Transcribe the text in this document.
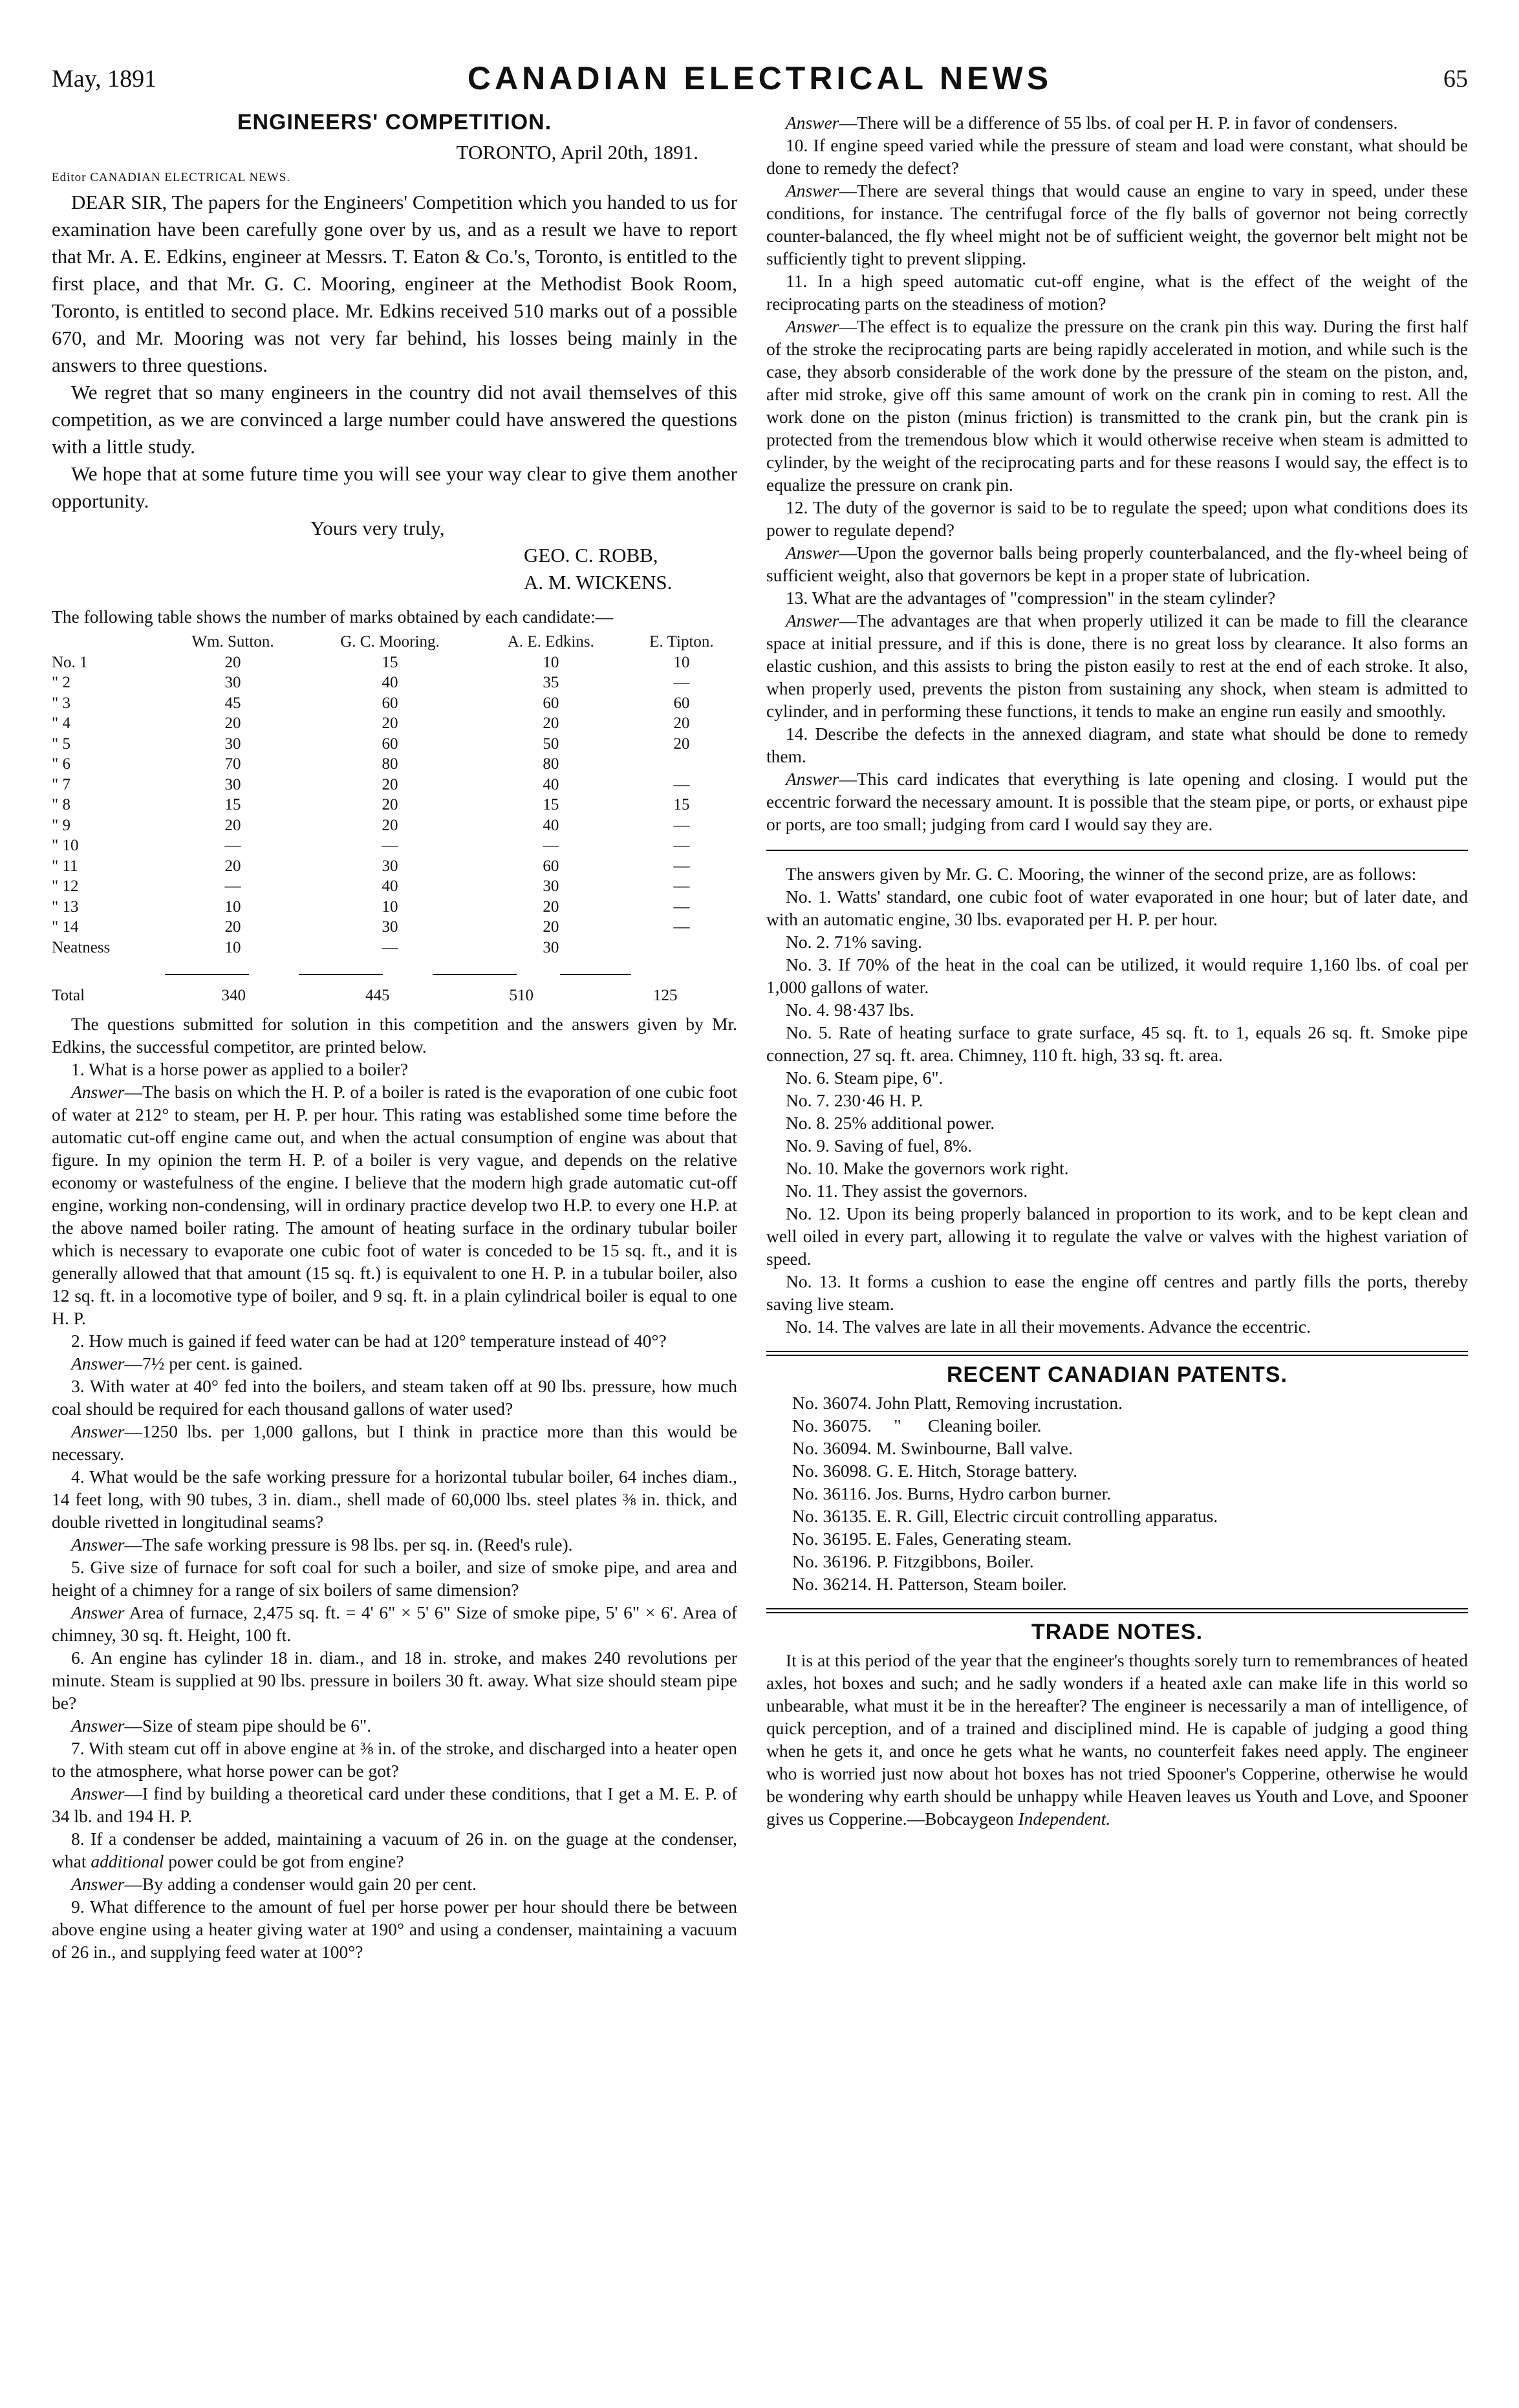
May, 1891	CANADIAN ELECTRICAL NEWS	65
ENGINEERS' COMPETITION.

TORONTO, April 20th, 1891.

Editor CANADIAN ELECTRICAL NEWS.

DEAR SIR, The papers for the Engineers' Competition which you handed to us for examination have been carefully gone over by us, and as a result we have to report that Mr. A. E. Edkins, engineer at Messrs. T. Eaton & Co.'s, Toronto, is entitled to the first place, and that Mr. G. C. Mooring, engineer at the Methodist Book Room, Toronto, is entitled to second place. Mr. Edkins received 510 marks out of a possible 670, and Mr. Mooring was not very far behind, his losses being mainly in the answers to three questions.

We regret that so many engineers in the country did not avail themselves of this competition, as we are convinced a large number could have answered the questions with a little study.

We hope that at some future time you will see your way clear to give them another opportunity.

Yours very truly,

GEO. C. ROBB,

A. M. WICKENS.

The following table shows the number of marks obtained by each candidate:—

	Wm. Sutton.	G. C. Mooring.	A. E. Edkins.	E. Tipton.
No. 1	20	15	10	10
" 2	30	40	35	—
" 3	45	60	60	60
" 4	20	20	20	20
" 5	30	60	50	20
" 6	70	80	80	
" 7	30	20	40	—
" 8	15	20	15	15
" 9	20	20	40	—
" 10	—	—	—	—
" 11	20	30	60	—
" 12	—	40	30	—
" 13	10	10	20	—
" 14	20	30	20	—
Neatness	10	—	30	

Total	340	445	510	125

The questions submitted for solution in this competition and the answers given by Mr. Edkins, the successful competitor, are printed below.

1. What is a horse power as applied to a boiler?

Answer—The basis on which the H. P. of a boiler is rated is the evaporation of one cubic foot of water at 212° to steam, per H. P. per hour. This rating was established some time before the automatic cut-off engine came out, and when the actual consumption of engine was about that figure. In my opinion the term H. P. of a boiler is very vague, and depends on the relative economy or wastefulness of the engine. I believe that the modern high grade automatic cut-off engine, working non-condensing, will in ordinary practice develop two H.P. to every one H.P. at the above named boiler rating. The amount of heating surface in the ordinary tubular boiler which is necessary to evaporate one cubic foot of water is conceded to be 15 sq. ft., and it is generally allowed that that amount (15 sq. ft.) is equivalent to one H. P. in a tubular boiler, also 12 sq. ft. in a locomotive type of boiler, and 9 sq. ft. in a plain cylindrical boiler is equal to one H. P.

2. How much is gained if feed water can be had at 120° temperature instead of 40°?

Answer—7½ per cent. is gained.

3. With water at 40° fed into the boilers, and steam taken off at 90 lbs. pressure, how much coal should be required for each thousand gallons of water used?

Answer—1250 lbs. per 1,000 gallons, but I think in practice more than this would be necessary.

4. What would be the safe working pressure for a horizontal tubular boiler, 64 inches diam., 14 feet long, with 90 tubes, 3 in. diam., shell made of 60,000 lbs. steel plates ⅜ in. thick, and double rivetted in longitudinal seams?

Answer—The safe working pressure is 98 lbs. per sq. in. (Reed's rule).

5. Give size of furnace for soft coal for such a boiler, and size of smoke pipe, and area and height of a chimney for a range of six boilers of same dimension?

Answer Area of furnace, 2,475 sq. ft. = 4' 6" × 5' 6" Size of smoke pipe, 5' 6" × 6'. Area of chimney, 30 sq. ft. Height, 100 ft.

6. An engine has cylinder 18 in. diam., and 18 in. stroke, and makes 240 revolutions per minute. Steam is supplied at 90 lbs. pressure in boilers 30 ft. away. What size should steam pipe be?

Answer—Size of steam pipe should be 6".

7. With steam cut off in above engine at ⅜ in. of the stroke, and discharged into a heater open to the atmosphere, what horse power can be got?

Answer—I find by building a theoretical card under these conditions, that I get a M. E. P. of 34 lb. and 194 H. P.

8. If a condenser be added, maintaining a vacuum of 26 in. on the guage at the condenser, what additional power could be got from engine?

Answer—By adding a condenser would gain 20 per cent.

9. What difference to the amount of fuel per horse power per hour should there be between above engine using a heater giving water at 190° and using a condenser, maintaining a vacuum of 26 in., and supplying feed water at 100°?

Answer—There will be a difference of 55 lbs. of coal per H. P. in favor of condensers.

10. If engine speed varied while the pressure of steam and load were constant, what should be done to remedy the defect?

Answer—There are several things that would cause an engine to vary in speed, under these conditions, for instance. The centrifugal force of the fly balls of governor not being correctly counter-balanced, the fly wheel might not be of sufficient weight, the governor belt might not be sufficiently tight to prevent slipping.

11. In a high speed automatic cut-off engine, what is the effect of the weight of the reciprocating parts on the steadiness of motion?

Answer—The effect is to equalize the pressure on the crank pin this way. During the first half of the stroke the reciprocating parts are being rapidly accelerated in motion, and while such is the case, they absorb considerable of the work done by the pressure of the steam on the piston, and, after mid stroke, give off this same amount of work on the crank pin in coming to rest. All the work done on the piston (minus friction) is transmitted to the crank pin, but the crank pin is protected from the tremendous blow which it would otherwise receive when steam is admitted to cylinder, by the weight of the reciprocating parts and for these reasons I would say, the effect is to equalize the pressure on crank pin.

12. The duty of the governor is said to be to regulate the speed; upon what conditions does its power to regulate depend?

Answer—Upon the governor balls being properly counterbalanced, and the fly-wheel being of sufficient weight, also that governors be kept in a proper state of lubrication.

13. What are the advantages of "compression" in the steam cylinder?

Answer—The advantages are that when properly utilized it can be made to fill the clearance space at initial pressure, and if this is done, there is no great loss by clearance. It also forms an elastic cushion, and this assists to bring the piston easily to rest at the end of each stroke. It also, when properly used, prevents the piston from sustaining any shock, when steam is admitted to cylinder, and in performing these functions, it tends to make an engine run easily and smoothly.

14. Describe the defects in the annexed diagram, and state what should be done to remedy them.

Answer—This card indicates that everything is late opening and closing. I would put the eccentric forward the necessary amount. It is possible that the steam pipe, or ports, or exhaust pipe or ports, are too small; judging from card I would say they are.

The answers given by Mr. G. C. Mooring, the winner of the second prize, are as follows:

No. 1. Watts' standard, one cubic foot of water evaporated in one hour; but of later date, and with an automatic engine, 30 lbs. evaporated per H. P. per hour.

No. 2. 71% saving.

No. 3. If 70% of the heat in the coal can be utilized, it would require 1,160 lbs. of coal per 1,000 gallons of water.

No. 4. 98·437 lbs.

No. 5. Rate of heating surface to grate surface, 45 sq. ft. to 1, equals 26 sq. ft. Smoke pipe connection, 27 sq. ft. area. Chimney, 110 ft. high, 33 sq. ft. area.

No. 6. Steam pipe, 6".

No. 7. 230·46 H. P.

No. 8. 25% additional power.

No. 9. Saving of fuel, 8%.

No. 10. Make the governors work right.

No. 11. They assist the governors.

No. 12. Upon its being properly balanced in proportion to its work, and to be kept clean and well oiled in every part, allowing it to regulate the valve or valves with the highest variation of speed.

No. 13. It forms a cushion to ease the engine off centres and partly fills the ports, thereby saving live steam.

No. 14. The valves are late in all their movements. Advance the eccentric.

RECENT CANADIAN PATENTS.

No. 36074. John Platt, Removing incrustation.

No. 36075.     "      Cleaning boiler.

No. 36094. M. Swinbourne, Ball valve.

No. 36098. G. E. Hitch, Storage battery.

No. 36116. Jos. Burns, Hydro carbon burner.

No. 36135. E. R. Gill, Electric circuit controlling apparatus.

No. 36195. E. Fales, Generating steam.

No. 36196. P. Fitzgibbons, Boiler.

No. 36214. H. Patterson, Steam boiler.

TRADE NOTES.

It is at this period of the year that the engineer's thoughts sorely turn to remembrances of heated axles, hot boxes and such; and he sadly wonders if a heated axle can make life in this world so unbearable, what must it be in the hereafter? The engineer is necessarily a man of intelligence, of quick perception, and of a trained and disciplined mind. He is capable of judging a good thing when he gets it, and once he gets what he wants, no counterfeit fakes need apply. The engineer who is worried just now about hot boxes has not tried Spooner's Copperine, otherwise he would be wondering why earth should be unhappy while Heaven leaves us Youth and Love, and Spooner gives us Copperine.—Bobcaygeon Independent.
